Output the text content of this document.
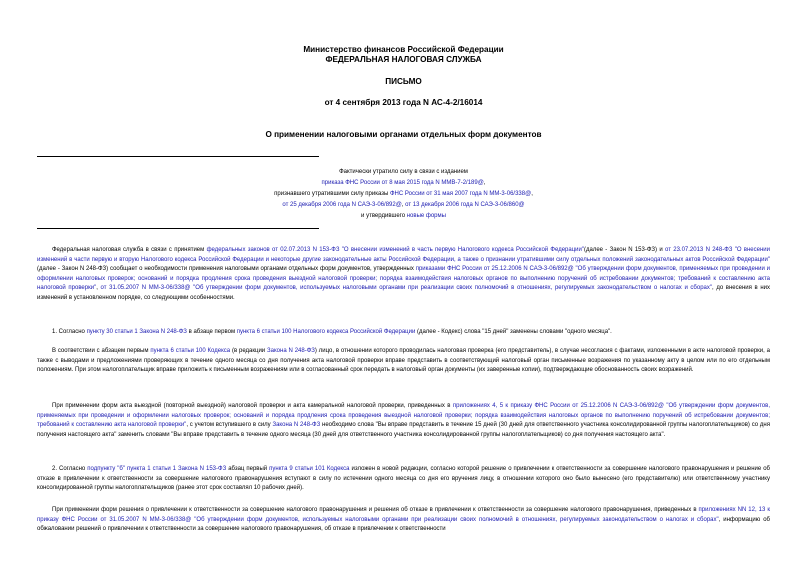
Министерство финансов Российской Федерации
ФЕДЕРАЛЬНАЯ НАЛОГОВАЯ СЛУЖБА
ПИСЬМО
от 4 сентября 2013 года N АС-4-2/16014
О применении налоговыми органами отдельных форм документов
Фактически утратило силу в связи с изданием
приказа ФНС России от 8 мая 2015 года N ММВ-7-2/189@,
признавшего утратившими силу приказы ФНС России от 31 мая 2007 года N ММ-3-06/338@,
от 25 декабря 2006 года N САЭ-3-06/892@, от 13 декабря 2006 года N САЭ-3-06/860@
и утвердившего новые формы
Федеральная налоговая служба в связи с принятием федеральных законов от 02.07.2013 N 153-ФЗ "О внесении изменений в часть первую Налогового кодекса Российской Федерации"(далее - Закон N 153-ФЗ) и от 23.07.2013 N 248-ФЗ "О внесении изменений в части первую и вторую Налогового кодекса Российской Федерации и некоторые другие законодательные акты Российской Федерации, а также о признании утратившими силу отдельных положений законодательных актов Российской Федерации" (далее - Закон N 248-ФЗ) сообщает о необходимости применения налоговыми органами отдельных форм документов, утвержденных приказами ФНС России от 25.12.2006 N САЭ-3-06/892@ "Об утверждении форм документов, применяемых при проведении и оформлении налоговых проверок; оснований и порядка продления срока проведения выездной налоговой проверки; порядка взаимодействия налоговых органов по выполнению поручений об истребовании документов; требований к составлению акта налоговой проверки", от 31.05.2007 N ММ-3-06/338@ "Об утверждении форм документов, используемых налоговыми органами при реализации своих полномочий в отношениях, регулируемых законодательством о налогах и сборах", до внесения в них изменений в установленном порядке, со следующими особенностями.
1. Согласно пункту 30 статьи 1 Закона N 248-ФЗ в абзаце первом пункта 6 статьи 100 Налогового кодекса Российской Федерации (далее - Кодекс) слова "15 дней" заменены словами "одного месяца".
В соответствии с абзацем первым пункта 6 статьи 100 Кодекса (в редакции Закона N 248-ФЗ) лицо, в отношении которого проводилась налоговая проверка (его представитель), в случае несогласия с фактами, изложенными в акте налоговой проверки, а также с выводами и предложениями проверяющих в течение одного месяца со дня получения акта налоговой проверки вправе представить в соответствующий налоговый орган письменные возражения по указанному акту в целом или по его отдельным положениям. При этом налогоплательщик вправе приложить к письменным возражениям или в согласованный срок передать в налоговый орган документы (их заверенные копии), подтверждающие обоснованность своих возражений.
При применении форм акта выездной (повторной выездной) налоговой проверки и акта камеральной налоговой проверки, приведенных в приложениях 4, 5 к приказу ФНС России от 25.12.2006 N САЭ-3-06/892@ "Об утверждении форм документов, применяемых при проведении и оформлении налоговых проверок; оснований и порядка продления срока проведения выездной налоговой проверки; порядка взаимодействия налоговых органов по выполнению поручений об истребовании документов; требований к составлению акта налоговой проверки", с учетом вступившего в силу Закона N 248-ФЗ необходимо слова "Вы вправе представить в течение 15 дней (30 дней для ответственного участника консолидированной группы налогоплательщиков) со дня получения настоящего акта" заменить словами "Вы вправе представить в течение одного месяца (30 дней для ответственного участника консолидированной группы налогоплательщиков) со дня получения настоящего акта".
2. Согласно подпункту "б" пункта 1 статьи 1 Закона N 153-ФЗ абзац первый пункта 9 статьи 101 Кодекса изложен в новой редакции, согласно которой решение о привлечении к ответственности за совершение налогового правонарушения и решение об отказе в привлечении к ответственности за совершение налогового правонарушения вступают в силу по истечении одного месяца со дня его вручения лицу, в отношении которого оно было вынесено (его представителю) или ответственному участнику консолидированной группы налогоплательщиков (ранее этот срок составлял 10 рабочих дней).
При применении форм решения о привлечении к ответственности за совершение налогового правонарушения и решения об отказе в привлечении к ответственности за совершение налогового правонарушения, приведенных в приложениях NN 12, 13 к приказу ФНС России от 31.05.2007 N ММ-3-06/338@ "Об утверждении форм документов, используемых налоговыми органами при реализации своих полномочий в отношениях, регулируемых законодательством о налогах и сборах", информацию об обжаловании решений о привлечении к ответственности за совершение налогового правонарушения, об отказе в привлечении к ответственности
